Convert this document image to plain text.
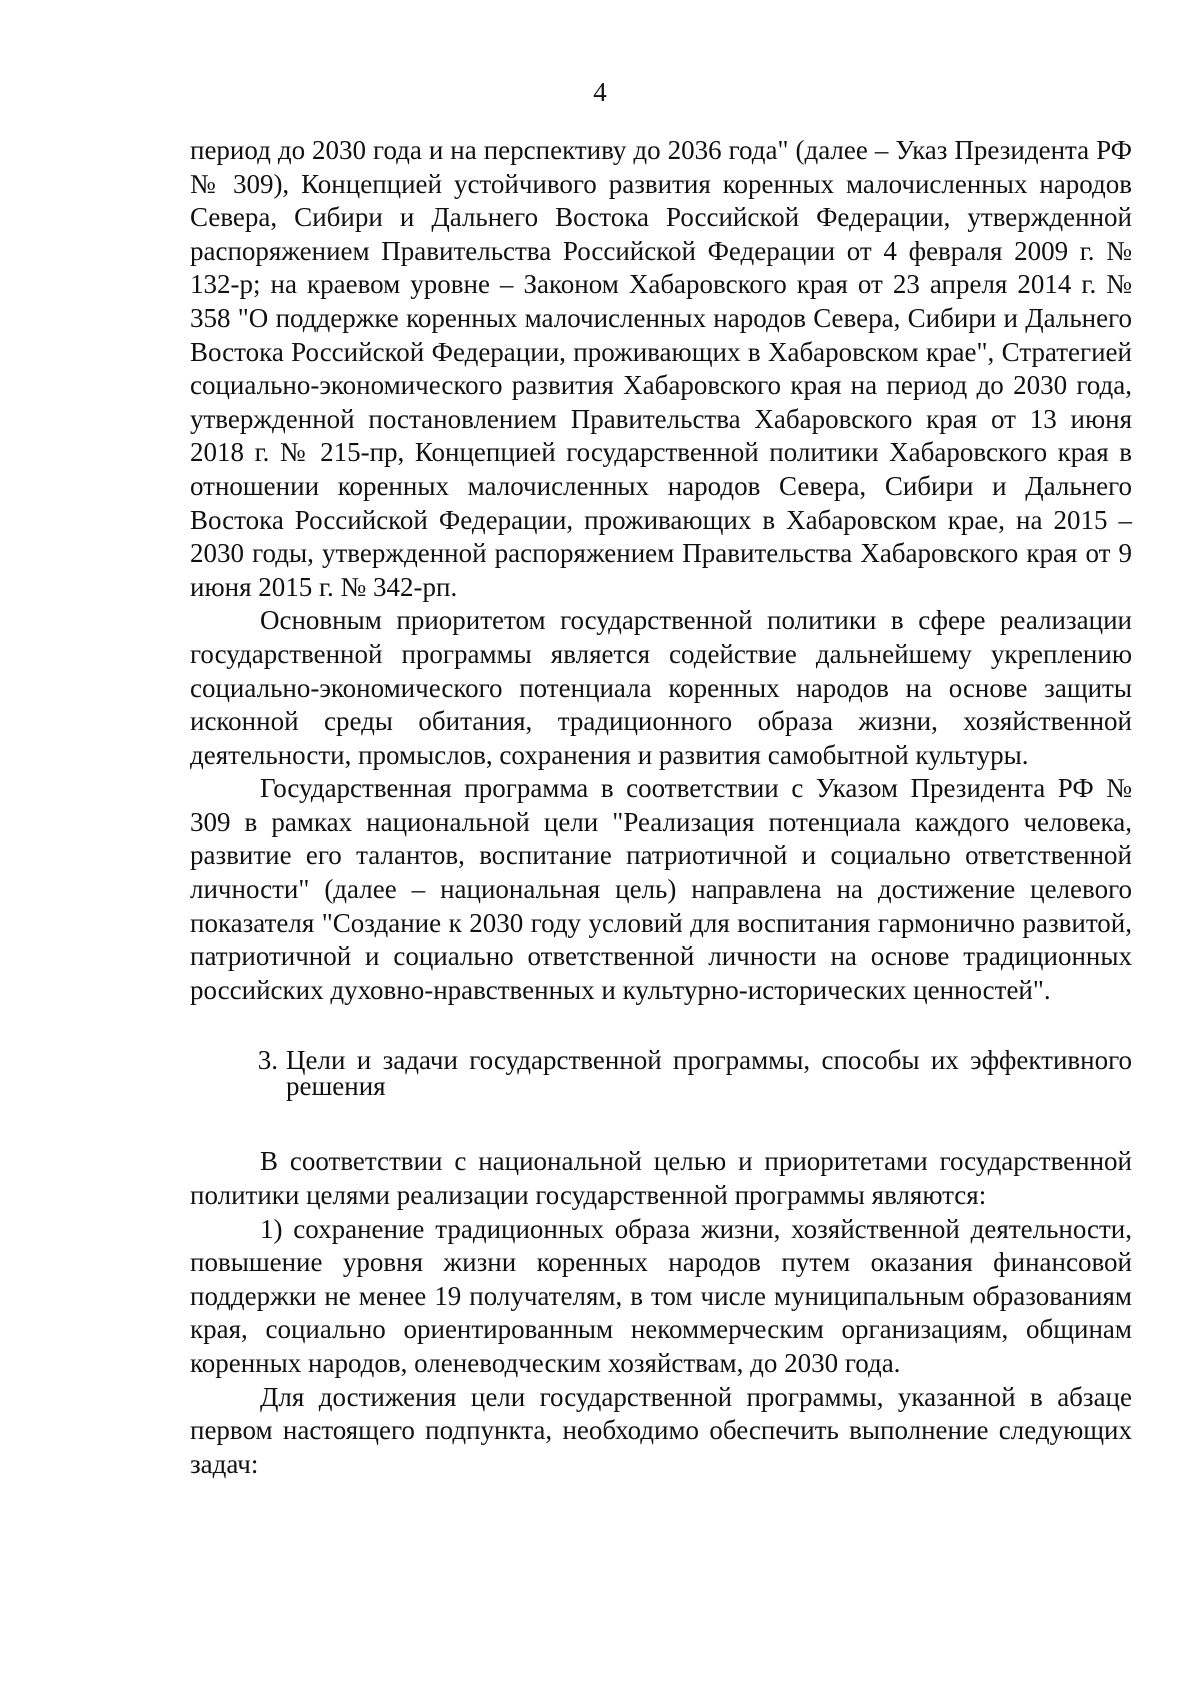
4

период до 2030 года и на перспективу до 2036 года" (далее – Указ Президента РФ № 309), Концепцией устойчивого развития коренных малочисленных народов Севера, Сибири и Дальнего Востока Российской Федерации, утвержденной распоряжением Правительства Российской Федерации от 4 февраля 2009 г. № 132-р; на краевом уровне – Законом Хабаровского края от 23 апреля 2014 г. № 358 "О поддержке коренных малочисленных народов Севера, Сибири и Дальнего Востока Российской Федерации, проживающих в Хабаровском крае", Стратегией социально-экономического развития Хабаровского края на период до 2030 года, утвержденной постановлением Правительства Хабаровского края от 13 июня 2018 г. № 215-пр, Концепцией государственной политики Хабаровского края в отношении коренных малочисленных народов Севера, Сибири и Дальнего Востока Российской Федерации, проживающих в Хабаровском крае, на 2015 – 2030 годы, утвержденной распоряжением Правительства Хабаровского края от 9 июня 2015 г. № 342-рп.

Основным приоритетом государственной политики в сфере реализации государственной программы является содействие дальнейшему укреплению социально-экономического потенциала коренных народов на основе защиты исконной среды обитания, традиционного образа жизни, хозяйственной деятельности, промыслов, сохранения и развития самобытной культуры.

Государственная программа в соответствии с Указом Президента РФ № 309 в рамках национальной цели "Реализация потенциала каждого человека, развитие его талантов, воспитание патриотичной и социально ответственной личности" (далее – национальная цель) направлена на достижение целевого показателя "Создание к 2030 году условий для воспитания гармонично развитой, патриотичной и социально ответственной личности на основе традиционных российских духовно-нравственных и культурно-исторических ценностей".

3. Цели и задачи государственной программы, способы их эффективного решения

В соответствии с национальной целью и приоритетами государственной политики целями реализации государственной программы являются:

1) сохранение традиционных образа жизни, хозяйственной деятельности, повышение уровня жизни коренных народов путем оказания финансовой поддержки не менее 19 получателям, в том числе муниципальным образованиям края, социально ориентированным некоммерческим организациям, общинам коренных народов, оленеводческим хозяйствам, до 2030 года.

Для достижения цели государственной программы, указанной в абзаце первом настоящего подпункта, необходимо обеспечить выполнение следующих задач:
